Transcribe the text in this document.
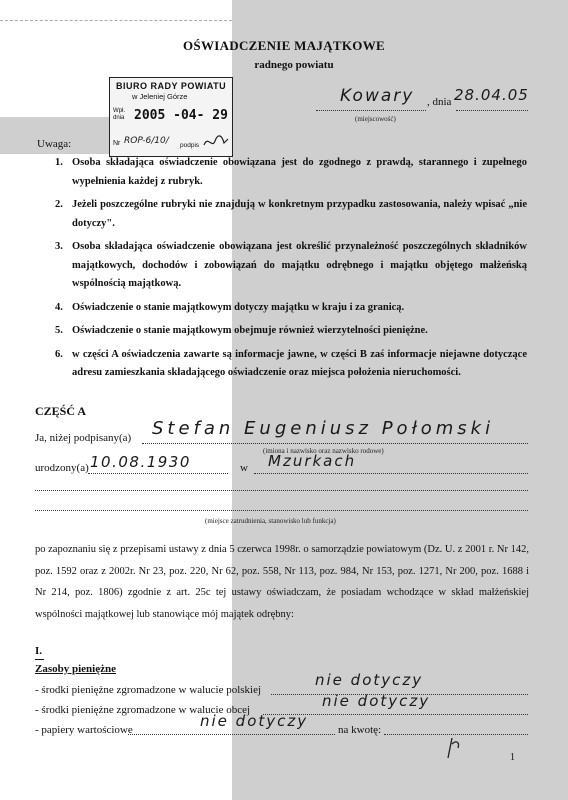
OŚWIADCZENIE MAJĄTKOWE
radnego powiatu
Kowary , dnia 28.04.05
(miejscowość)
BIURO RADY POWIATU
w Jeleniej Górze
Wpł. dnia 2005 -04- 29
Nr ROP-6/10/ podpis
Uwaga:
1. Osoba składająca oświadczenie obowiązana jest do zgodnego z prawdą, starannego i zupełnego wypełnienia każdej z rubryk.
2. Jeżeli poszczególne rubryki nie znajdują w konkretnym przypadku zastosowania, należy wpisać „nie dotyczy".
3. Osoba składająca oświadczenie obowiązana jest określić przynależność poszczególnych składników majątkowych, dochodów i zobowiązań do majątku odrębnego i majątku objętego małżeńską wspólnością majątkową.
4. Oświadczenie o stanie majątkowym dotyczy majątku w kraju i za granicą.
5. Oświadczenie o stanie majątkowym obejmuje również wierzytelności pieniężne.
6. w części A oświadczenia zawarte są informacje jawne, w części B zaś informacje niejawne dotyczące adresu zamieszkania składającego oświadczenie oraz miejsca położenia nieruchomości.
CZĘŚĆ A
Ja, niżej podpisany(a) Stefan Eugeniusz Połomski
(imiona i nazwisko oraz nazwisko rodowe)
urodzony(a) 10.08.1930	w Mzurkach
(miejsce zatrudnienia, stanowisko lub funkcja)
po zapoznaniu się z przepisami ustawy z dnia 5 czerwca 1998r. o samorządzie powiatowym (Dz. U. z 2001 r. Nr 142, poz. 1592 oraz z 2002r. Nr 23, poz. 220, Nr 62, poz. 558, Nr 113, poz. 984, Nr 153, poz. 1271, Nr 200, poz. 1688 i Nr 214, poz. 1806) zgodnie z art. 25c tej ustawy oświadczam, że posiadam wchodzące w skład małżeńskiej wspólności majątkowej lub stanowiące mój majątek odrębny:
I.
Zasoby pieniężne
- środki pieniężne zgromadzone w walucie polskiej
nie dotyczy
- środki pieniężne zgromadzone w walucie obcej	nie dotyczy
- papiery wartościowe	nie dotyczy	na kwotę:
1
